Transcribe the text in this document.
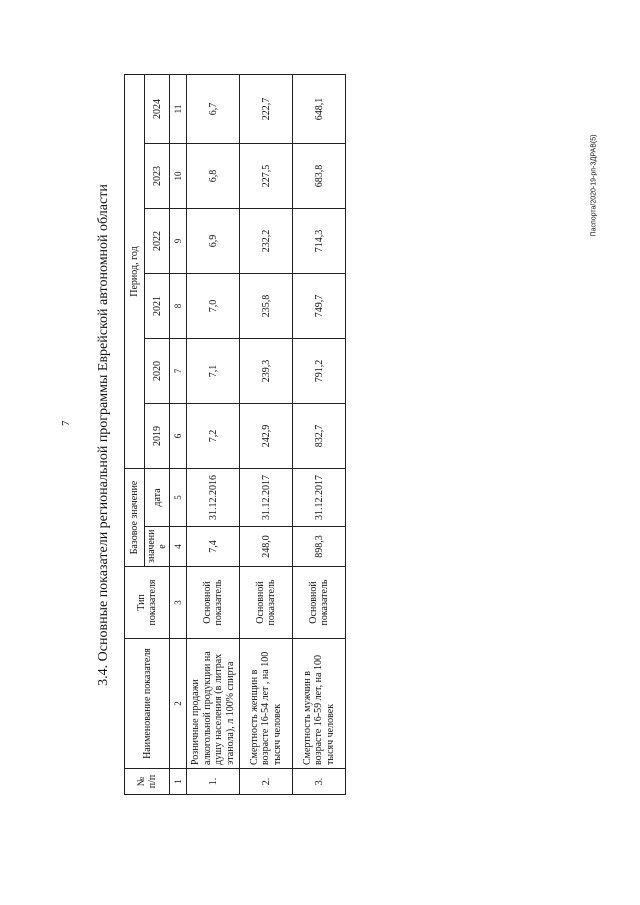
7
Паспорта/2020-19-рп-ЗДРАВ(5)
3.4. Основные показатели региональной программы Еврейской автономной области
№ п/п	Наименование показателя	Тип показателя	Базовое значение		Период, год					
			значени е	дата	2019	2020	2021	2022	2023	2024
1	2	3	4	5	6	7	8	9	10	11
1.	Розничные продажи алкогольной продукции на душу населения (в литрах этанола), л 100% спирта	Основной показатель	7,4	31.12.2016	7,2	7,1	7,0	6,9	6,8	6,7
2.	Смертность женщин в возрасте 16-54 лет , на 100 тысяч человек	Основной показатель	248,0	31.12.2017	242,9	239,3	235,8	232,2	227,5	222,7
3.	Смертность мужчин в возрасте 16-59 лет, на 100 тысяч человек	Основной показатель	898,3	31.12.2017	832,7	791,2	749,7	714,3	683,8	648,1
